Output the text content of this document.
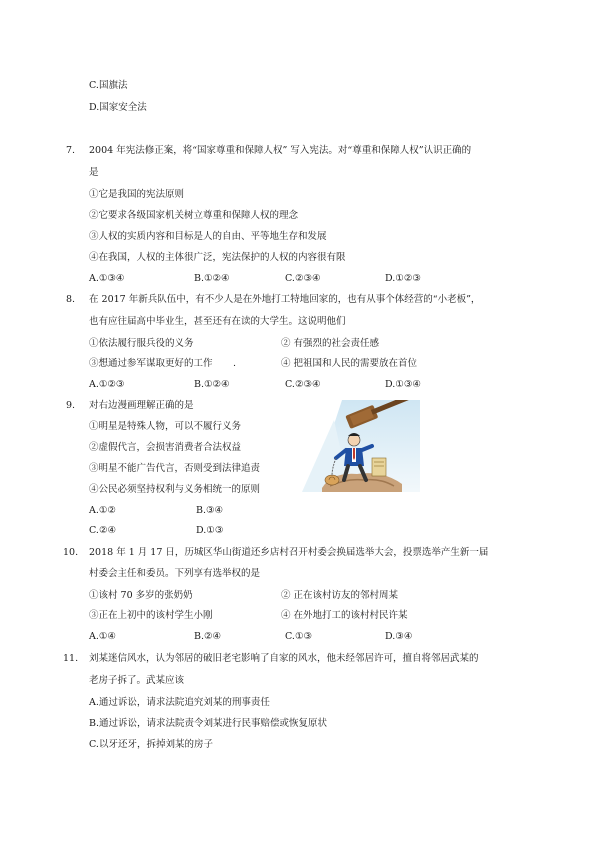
C.国旗法
D.国家安全法
7. 2004 年宪法修正案，将“国家尊重和保障人权” 写入宪法。对“尊重和保障人权”认识正确的
是
①它是我国的宪法原则
②它要求各级国家机关树立尊重和保障人权的理念
③人权的实质内容和目标是人的自由、平等地生存和发展
④在我国，人权的主体很广泛，宪法保护的人权的内容很有限
A.①③④	B.①②④	C.②③④	D.①②③
8. 在 2017 年新兵队伍中，有不少人是在外地打工特地回家的，也有从事个体经营的“小老板”，
也有应往届高中毕业生，甚至还有在读的大学生。这说明他们
①依法履行服兵役的义务	② 有强烈的社会责任感
③想通过参军谋取更好的工作 .	④ 把祖国和人民的需要放在首位
A.①②③	B.①②④	C.②③④	D.①③④
9. 对右边漫画理解正确的是
①明星是特殊人物，可以不履行义务
②虚假代言，会损害消费者合法权益
③明星不能广告代言，否则受到法律追责
④公民必须坚持权利与义务相统一的原则
A.①②	B.③④
C.②④	D.①③
10. 2018 年 1 月 17 日，历城区华山街道还乡店村召开村委会换届选举大会，投票选举产生新一届
村委会主任和委员。下列享有选举权的是
①该村 70 多岁的张奶奶	② 正在该村访友的邻村周某
③正在上初中的该村学生小刚	④ 在外地打工的该村村民许某
A.①④	B.②④	C.①③	D.③④
11. 刘某迷信风水，认为邻居的破旧老宅影响了自家的风水，他未经邻居许可，擅自将邻居武某的
老房子拆了。武某应该
A.通过诉讼，请求法院追究刘某的刑事责任
B.通过诉讼，请求法院责令刘某进行民事赔偿或恢复原状
C.以牙还牙，拆掉刘某的房子
